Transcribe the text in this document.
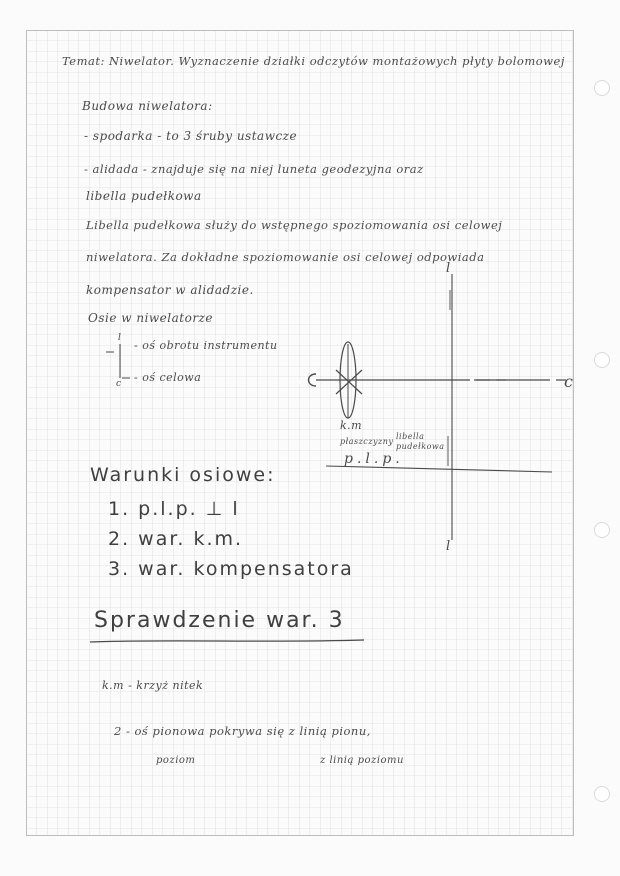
Temat: Niwelator. Wyznaczenie działki odczytów montażowych płyty bolomowej
Budowa niwelatora:
- spodarka - to 3 śruby ustawcze
- alidada - znajduje się na niej luneta geodezyjna oraz
libella pudełkowa
Libella pudełkowa służy do wstępnego spoziomowania osi celowej
niwelatora. Za dokładne spoziomowanie osi celowej odpowiada
kompensator w alidadzie.
Osie w niwelatorze
l
- oś obrotu instrumentu
- oś celowa
c	c	c
l
l
k.m
płaszczyzny
libella pudełkowa
p.l.p.
Warunki osiowe:
1. p.l.p. ⊥ l
2. war. k.m.
3. war. kompensatora
Sprawdzenie war. 3
k.m - krzyż nitek
2 - oś pionowa pokrywa się z linią pionu,
poziom	z linią poziomu
